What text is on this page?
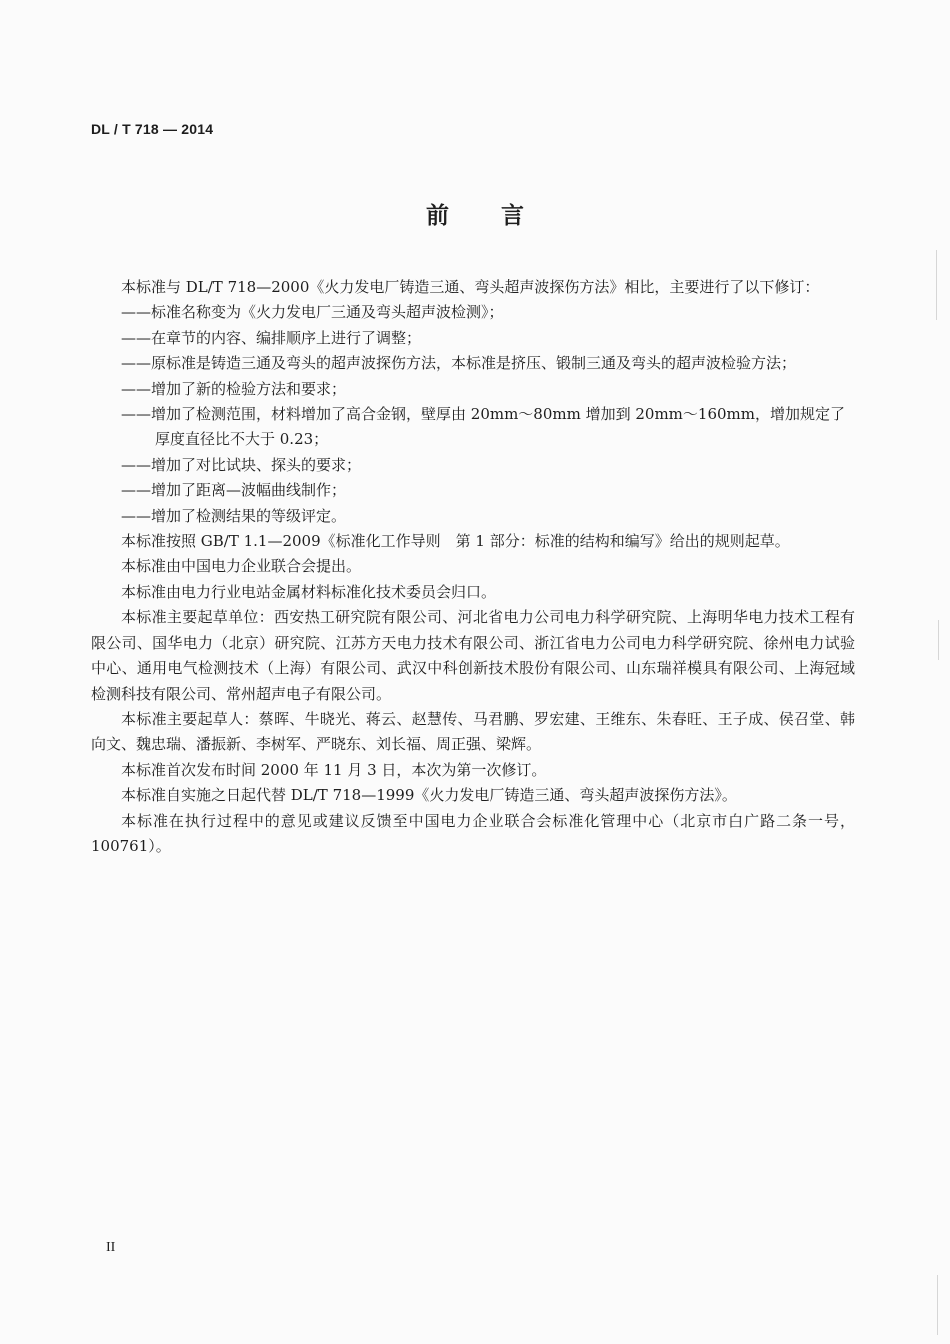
DL / T 718 — 2014
前言

本标准与 DL/T 718—2000《火力发电厂铸造三通、弯头超声波探伤方法》相比，主要进行了以下修订：

——标准名称变为《火力发电厂三通及弯头超声波检测》；

——在章节的内容、编排顺序上进行了调整；

——原标准是铸造三通及弯头的超声波探伤方法，本标准是挤压、锻制三通及弯头的超声波检验方法；

——增加了新的检验方法和要求；

——增加了检测范围，材料增加了高合金钢，壁厚由 20mm～80mm 增加到 20mm～160mm，增加规定了厚度直径比不大于 0.23；

——增加了对比试块、探头的要求；

——增加了距离—波幅曲线制作；

——增加了检测结果的等级评定。

本标准按照 GB/T 1.1—2009《标准化工作导则　第 1 部分：标准的结构和编写》给出的规则起草。

本标准由中国电力企业联合会提出。

本标准由电力行业电站金属材料标准化技术委员会归口。

本标准主要起草单位：西安热工研究院有限公司、河北省电力公司电力科学研究院、上海明华电力技术工程有限公司、国华电力（北京）研究院、江苏方天电力技术有限公司、浙江省电力公司电力科学研究院、徐州电力试验中心、通用电气检测技术（上海）有限公司、武汉中科创新技术股份有限公司、山东瑞祥模具有限公司、上海冠域检测科技有限公司、常州超声电子有限公司。

本标准主要起草人：蔡晖、牛晓光、蒋云、赵慧传、马君鹏、罗宏建、王维东、朱春旺、王子成、侯召堂、韩向文、魏忠瑞、潘振新、李树军、严晓东、刘长福、周正强、梁辉。

本标准首次发布时间 2000 年 11 月 3 日，本次为第一次修订。

本标准自实施之日起代替 DL/T 718—1999《火力发电厂铸造三通、弯头超声波探伤方法》。

本标准在执行过程中的意见或建议反馈至中国电力企业联合会标准化管理中心（北京市白广路二条一号，100761）。

II
